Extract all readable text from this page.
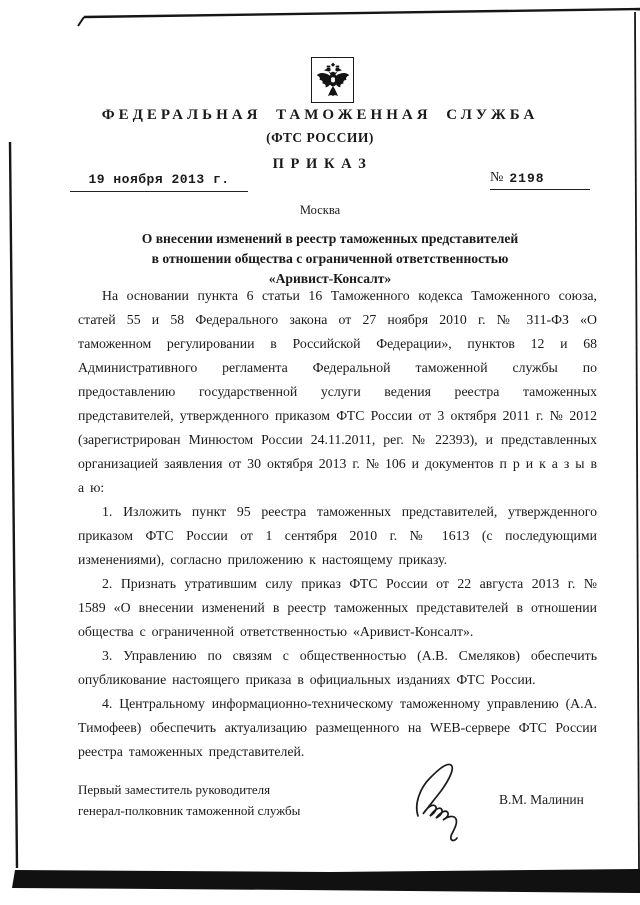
ФЕДЕРАЛЬНАЯ ТАМОЖЕННАЯ СЛУЖБА
(ФТС РОССИИ)
П Р И К А З
19 ноября 2013 г.	№ 2198
Москва
О внесении изменений в реестр таможенных представителей
в отношении общества с ограниченной ответственностью
«Аривист-Консалт»

На основании пункта 6 статьи 16 Таможенного кодекса Таможенного союза, статей 55 и 58 Федерального закона от 27 ноября 2010 г. № 311-ФЗ «О таможенном регулировании в Российской Федерации», пунктов 12 и 68 Административного регламента Федеральной таможенной службы по предоставлению государственной услуги ведения реестра таможенных представителей, утвержденного приказом ФТС России от 3 октября 2011 г. № 2012 (зарегистрирован Минюстом России 24.11.2011, рег. № 22393), и представленных организацией заявления от 30 октября 2013 г. № 106 и документов п р и к а з ы в а ю:

1. Изложить пункт 95 реестра таможенных представителей, утвержденного приказом ФТС России от 1 сентября 2010 г. № 1613 (с последующими изменениями), согласно приложению к настоящему приказу.

2. Признать утратившим силу приказ ФТС России от 22 августа 2013 г. № 1589 «О внесении изменений в реестр таможенных представителей в отношении общества с ограниченной ответственностью «Аривист-Консалт».

3. Управлению по связям с общественностью (А.В. Смеляков) обеспечить опубликование настоящего приказа в официальных изданиях ФТС России.

4. Центральному информационно-техническому таможенному управлению (А.А. Тимофеев) обеспечить актуализацию размещенного на WEB-сервере ФТС России реестра таможенных представителей.

Первый заместитель руководителя
генерал-полковник таможенной службы
В.М. Малинин
